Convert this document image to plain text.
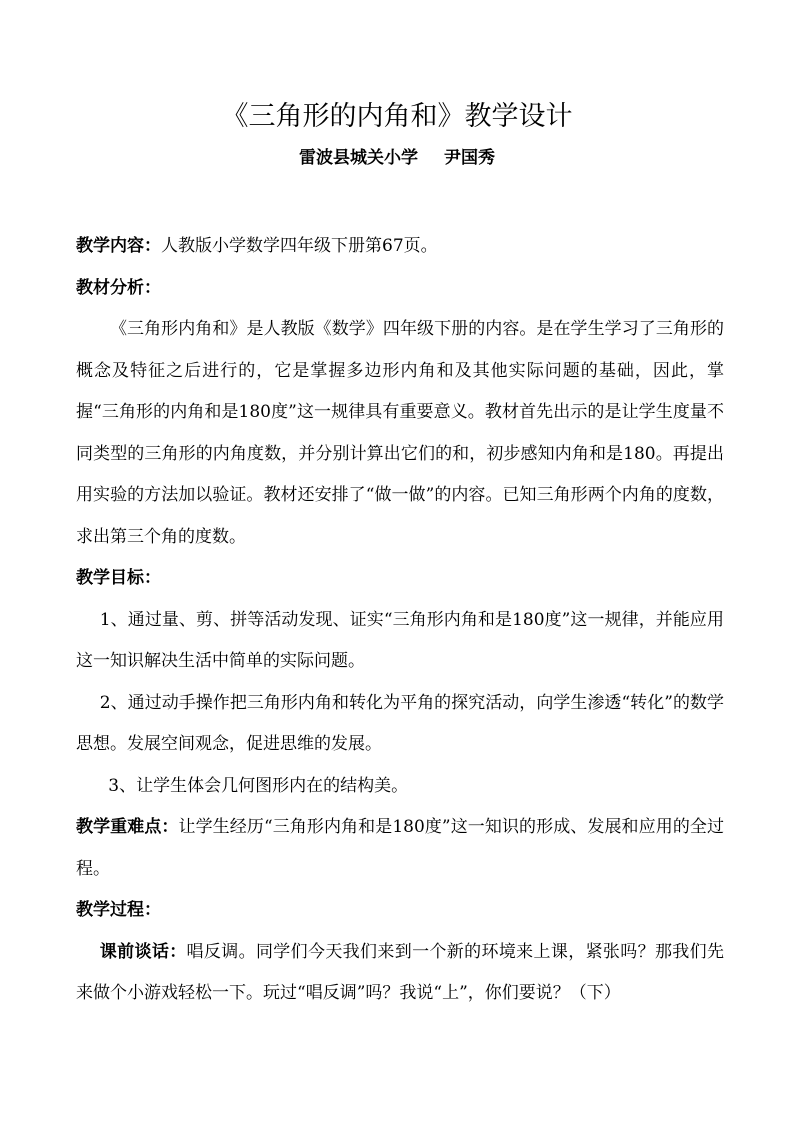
《三角形的内角和》教学设计
雷波县城关小学 尹国秀

教学内容：人教版小学数学四年级下册第67页。

教材分析：

《三角形内角和》是人教版《数学》四年级下册的内容。是在学生学习了三角形的概念及特征之后进行的，它是掌握多边形内角和及其他实际问题的基础，因此，掌握“三角形的内角和是180度”这一规律具有重要意义。教材首先出示的是让学生度量不同类型的三角形的内角度数，并分别计算出它们的和，初步感知内角和是180。再提出用实验的方法加以验证。教材还安排了“做一做”的内容。已知三角形两个内角的度数，求出第三个角的度数。

教学目标：

1、通过量、剪、拼等活动发现、证实“三角形内角和是180度”这一规律，并能应用这一知识解决生活中简单的实际问题。

2、通过动手操作把三角形内角和转化为平角的探究活动，向学生渗透“转化”的数学思想。发展空间观念，促进思维的发展。

3、让学生体会几何图形内在的结构美。

教学重难点：让学生经历“三角形内角和是180度”这一知识的形成、发展和应用的全过程。

教学过程：

课前谈话：唱反调。同学们今天我们来到一个新的环境来上课，紧张吗？那我们先来做个小游戏轻松一下。玩过“唱反调”吗？我说“上”，你们要说？（下）
